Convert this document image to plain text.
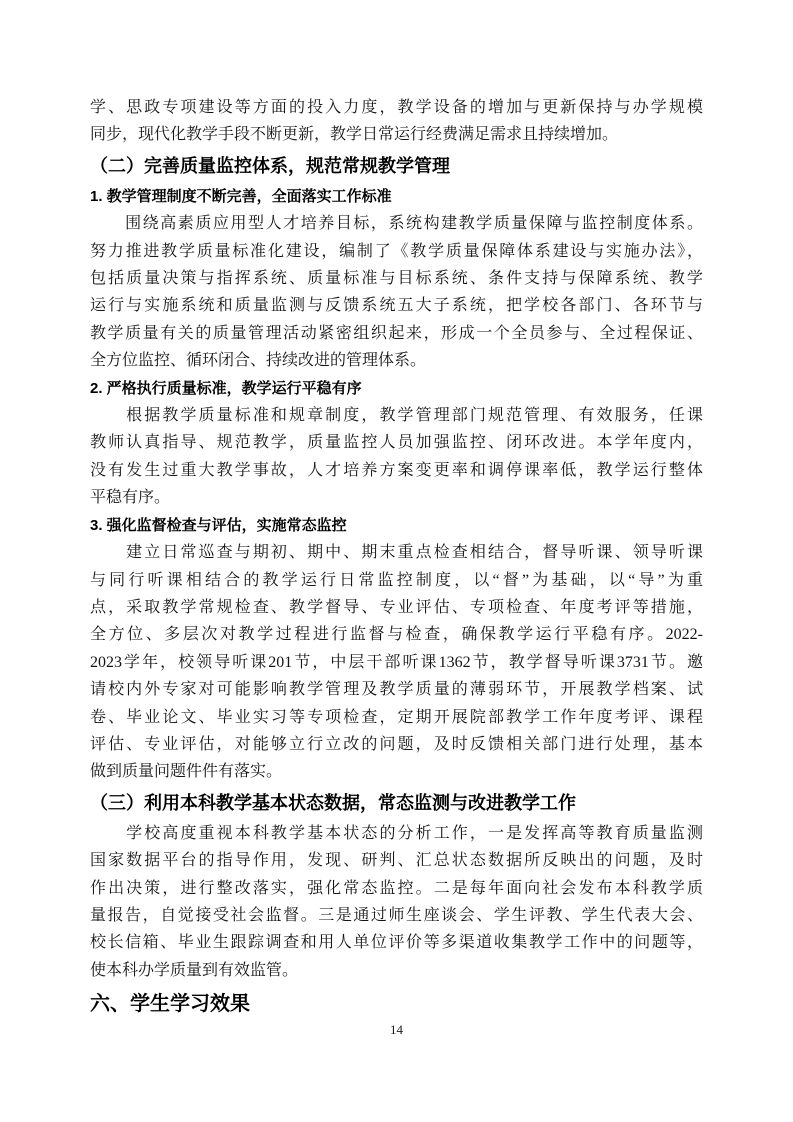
学、思政专项建设等方面的投入力度，教学设备的增加与更新保持与办学规模
同步，现代化教学手段不断更新，教学日常运行经费满足需求且持续增加。
（二）完善质量监控体系，规范常规教学管理
1. 教学管理制度不断完善，全面落实工作标准
　　围绕高素质应用型人才培养目标，系统构建教学质量保障与监控制度体系。
努力推进教学质量标准化建设，编制了《教学质量保障体系建设与实施办法》，
包括质量决策与指挥系统、质量标准与目标系统、条件支持与保障系统、教学
运行与实施系统和质量监测与反馈系统五大子系统，把学校各部门、各环节与
教学质量有关的质量管理活动紧密组织起来，形成一个全员参与、全过程保证、
全方位监控、循环闭合、持续改进的管理体系。
2. 严格执行质量标准，教学运行平稳有序
　　根据教学质量标准和规章制度，教学管理部门规范管理、有效服务，任课
教师认真指导、规范教学，质量监控人员加强监控、闭环改进。本学年度内，
没有发生过重大教学事故，人才培养方案变更率和调停课率低，教学运行整体
平稳有序。
3. 强化监督检查与评估，实施常态监控
　　建立日常巡查与期初、期中、期末重点检查相结合，督导听课、领导听课
与同行听课相结合的教学运行日常监控制度，以“督”为基础，以“导”为重
点，采取教学常规检查、教学督导、专业评估、专项检查、年度考评等措施，
全方位、多层次对教学过程进行监督与检查，确保教学运行平稳有序。2022-
2023学年，校领导听课201节，中层干部听课1362节，教学督导听课3731节。邀
请校内外专家对可能影响教学管理及教学质量的薄弱环节，开展教学档案、试
卷、毕业论文、毕业实习等专项检查，定期开展院部教学工作年度考评、课程
评估、专业评估，对能够立行立改的问题，及时反馈相关部门进行处理，基本
做到质量问题件件有落实。
（三）利用本科教学基本状态数据，常态监测与改进教学工作
　　学校高度重视本科教学基本状态的分析工作，一是发挥高等教育质量监测
国家数据平台的指导作用，发现、研判、汇总状态数据所反映出的问题，及时
作出决策，进行整改落实，强化常态监控。二是每年面向社会发布本科教学质
量报告，自觉接受社会监督。三是通过师生座谈会、学生评教、学生代表大会、
校长信箱、毕业生跟踪调查和用人单位评价等多渠道收集教学工作中的问题等，
使本科办学质量到有效监管。
六、学生学习效果
14
